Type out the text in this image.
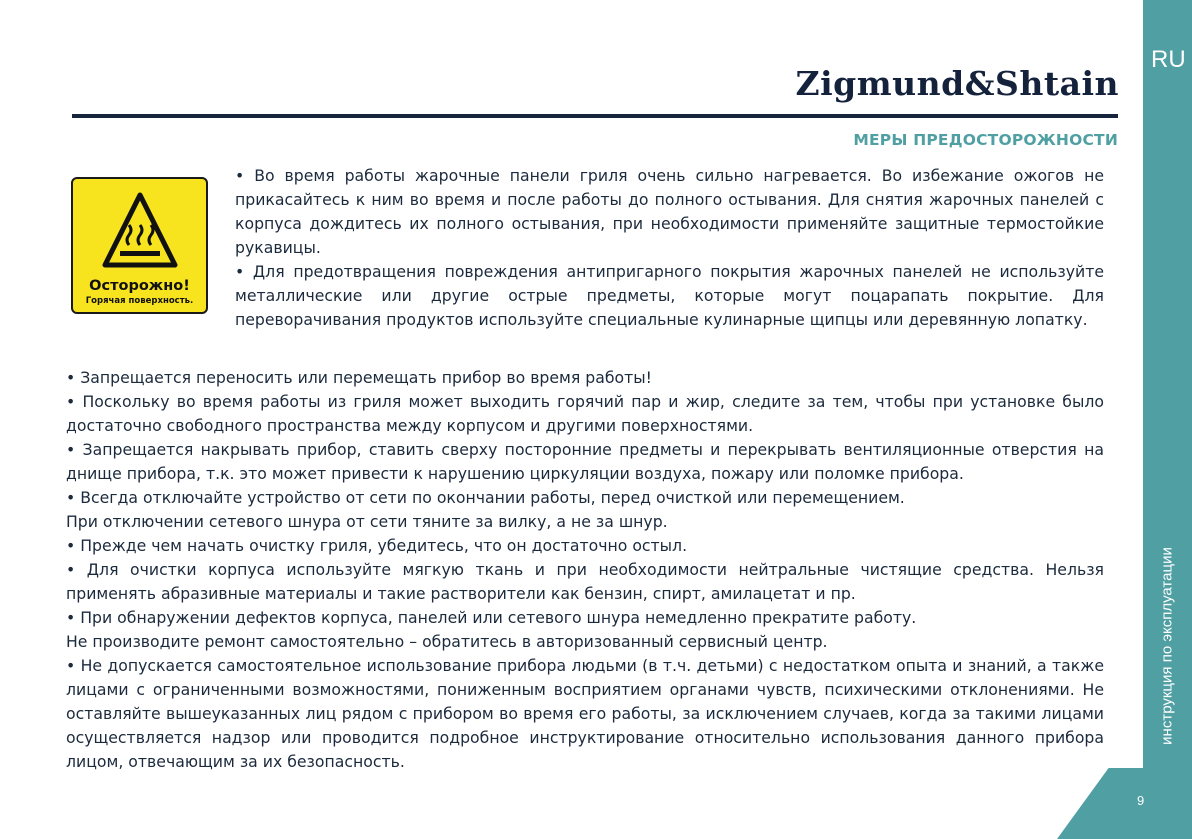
RU
инструкция по эксплуатации
9
Zigmund&Shtain
МЕРЫ ПРЕДОСТОРОЖНОСТИ
Осторожно!
Горячая поверхность.

• Во время работы жарочные панели гриля очень сильно нагревается. Во избежание ожогов не прикасайтесь к ним во время и после работы до полного остывания. Для снятия жарочных панелей с корпуса дождитесь их полного остывания, при необходимости применяйте защитные термостойкие рукавицы.

• Для предотвращения повреждения антипригарного покрытия жарочных панелей не используйте металлические или другие острые предметы, которые могут поцарапать покрытие. Для переворачивания продуктов используйте специальные кулинарные щипцы или деревянную лопатку.

• Запрещается переносить или перемещать прибор во время работы!

• Поскольку во время работы из гриля может выходить горячий пар и жир, следите за тем, чтобы при установке было достаточно свободного пространства между корпусом и другими поверхностями.

• Запрещается накрывать прибор, ставить сверху посторонние предметы и перекрывать вентиляционные отверстия на днище прибора, т.к. это может привести к нарушению циркуляции воздуха, пожару или поломке прибора.

• Всегда отключайте устройство от сети по окончании работы, перед очисткой или перемещением.

При отключении сетевого шнура от сети тяните за вилку, а не за шнур.

• Прежде чем начать очистку гриля, убедитесь, что он достаточно остыл.

• Для очистки корпуса используйте мягкую ткань и при необходимости нейтральные чистящие средства. Нельзя применять абразивные материалы и такие растворители как бензин, спирт, амилацетат и пр.

• При обнаружении дефектов корпуса, панелей или сетевого шнура немедленно прекратите работу.

Не производите ремонт самостоятельно – обратитесь в авторизованный сервисный центр.

• Не допускается самостоятельное использование прибора людьми (в т.ч. детьми) с недостатком опыта и знаний, а также лицами с ограниченными возможностями, пониженным восприятием органами чувств, психическими отклонениями. Не оставляйте вышеуказанных лиц рядом с прибором во время его работы, за исключением случаев, когда за такими лицами осуществляется надзор или проводится подробное инструктирование относительно использования данного прибора лицом, отвечающим за их безопасность.
